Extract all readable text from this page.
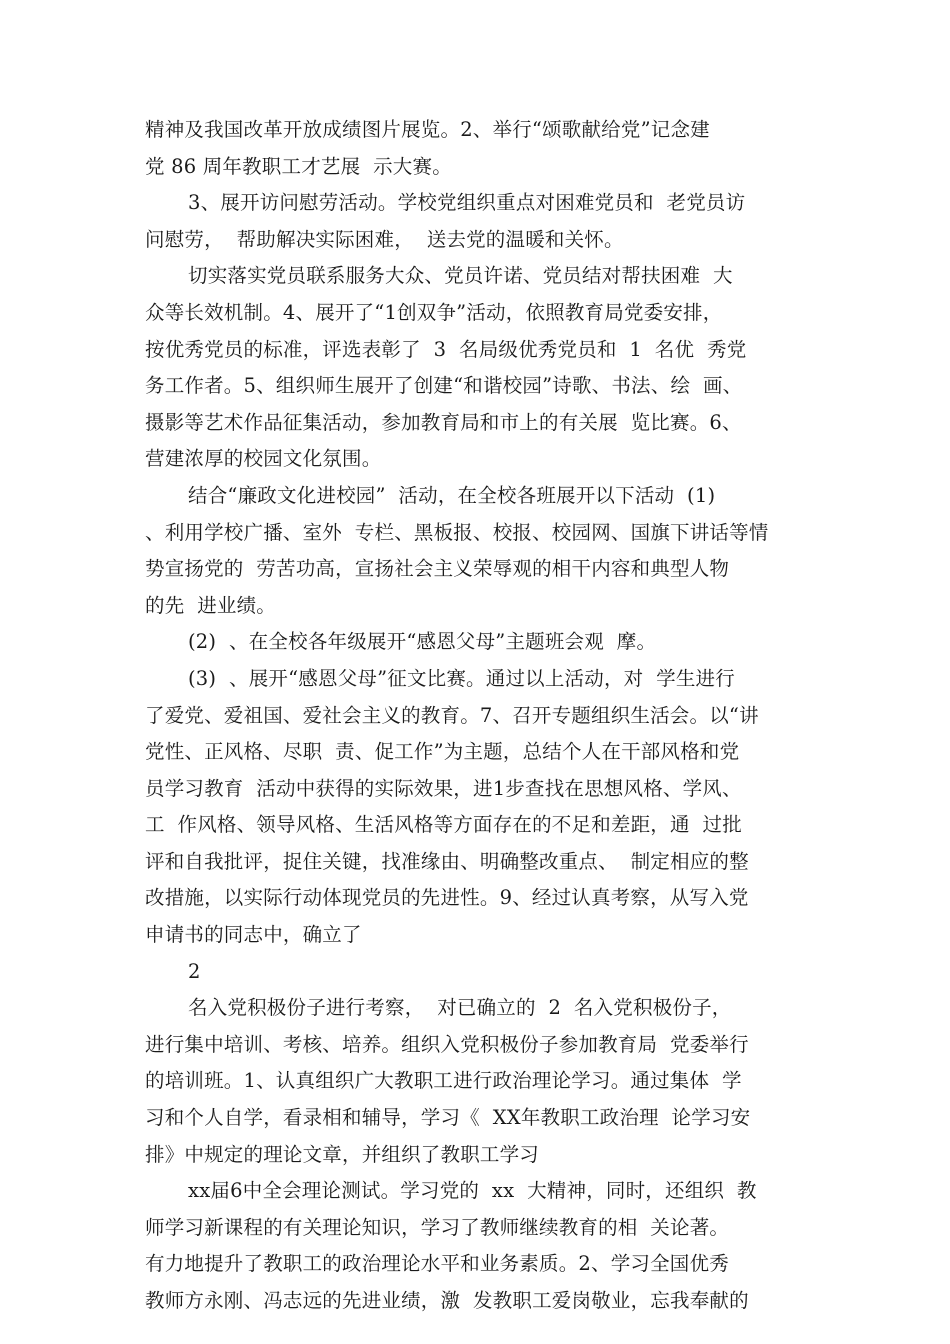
精神及我国改革开放成绩图片展览。2、举行“颂歌献给党”记念建
党 86 周年教职工才艺展  示大赛。
3、展开访问慰劳活动。学校党组织重点对困难党员和  老党员访
问慰劳，  帮助解决实际困难，  送去党的温暖和关怀。
切实落实党员联系服务大众、党员许诺、党员结对帮扶困难  大
众等长效机制。4、展开了“1创双争”活动，依照教育局党委安排，
按优秀党员的标准，评选表彰了  3  名局级优秀党员和  1  名优  秀党
务工作者。5、组织师生展开了创建“和谐校园”诗歌、书法、绘  画、
摄影等艺术作品征集活动，参加教育局和市上的有关展  览比赛。6、
营建浓厚的校园文化氛围。
结合“廉政文化进校园”  活动，在全校各班展开以下活动  (1)
、利用学校广播、室外  专栏、黑板报、校报、校园网、国旗下讲话等情
势宣扬党的  劳苦功高，宣扬社会主义荣辱观的相干内容和典型人物
的先  进业绩。
(2)  、在全校各年级展开“感恩父母”主题班会观  摩。
(3)  、展开“感恩父母”征文比赛。通过以上活动，对  学生进行
了爱党、爱祖国、爱社会主义的教育。7、召开专题组织生活会。以“讲
党性、正风格、尽职  责、促工作”为主题，总结个人在干部风格和党
员学习教育  活动中获得的实际效果，进1步查找在思想风格、学风、
工  作风格、领导风格、生活风格等方面存在的不足和差距，通  过批
评和自我批评，捉住关键，找准缘由、明确整改重点、  制定相应的整
改措施，以实际行动体现党员的先进性。9、经过认真考察，从写入党
申请书的同志中，确立了
2
名入党积极份子进行考察，  对已确立的  2  名入党积极份子，
进行集中培训、考核、培养。组织入党积极份子参加教育局  党委举行
的培训班。1、认真组织广大教职工进行政治理论学习。通过集体  学
习和个人自学，看录相和辅导，学习《  XX年教职工政治理  论学习安
排》中规定的理论文章，并组织了教职工学习
xx届6中全会理论测试。学习党的  xx  大精神，同时，还组织  教
师学习新课程的有关理论知识，学习了教师继续教育的相  关论著。
有力地提升了教职工的政治理论水平和业务素质。2、学习全国优秀
教师方永刚、冯志远的先进业绩，激  发教职工爱岗敬业，忘我奉献的
